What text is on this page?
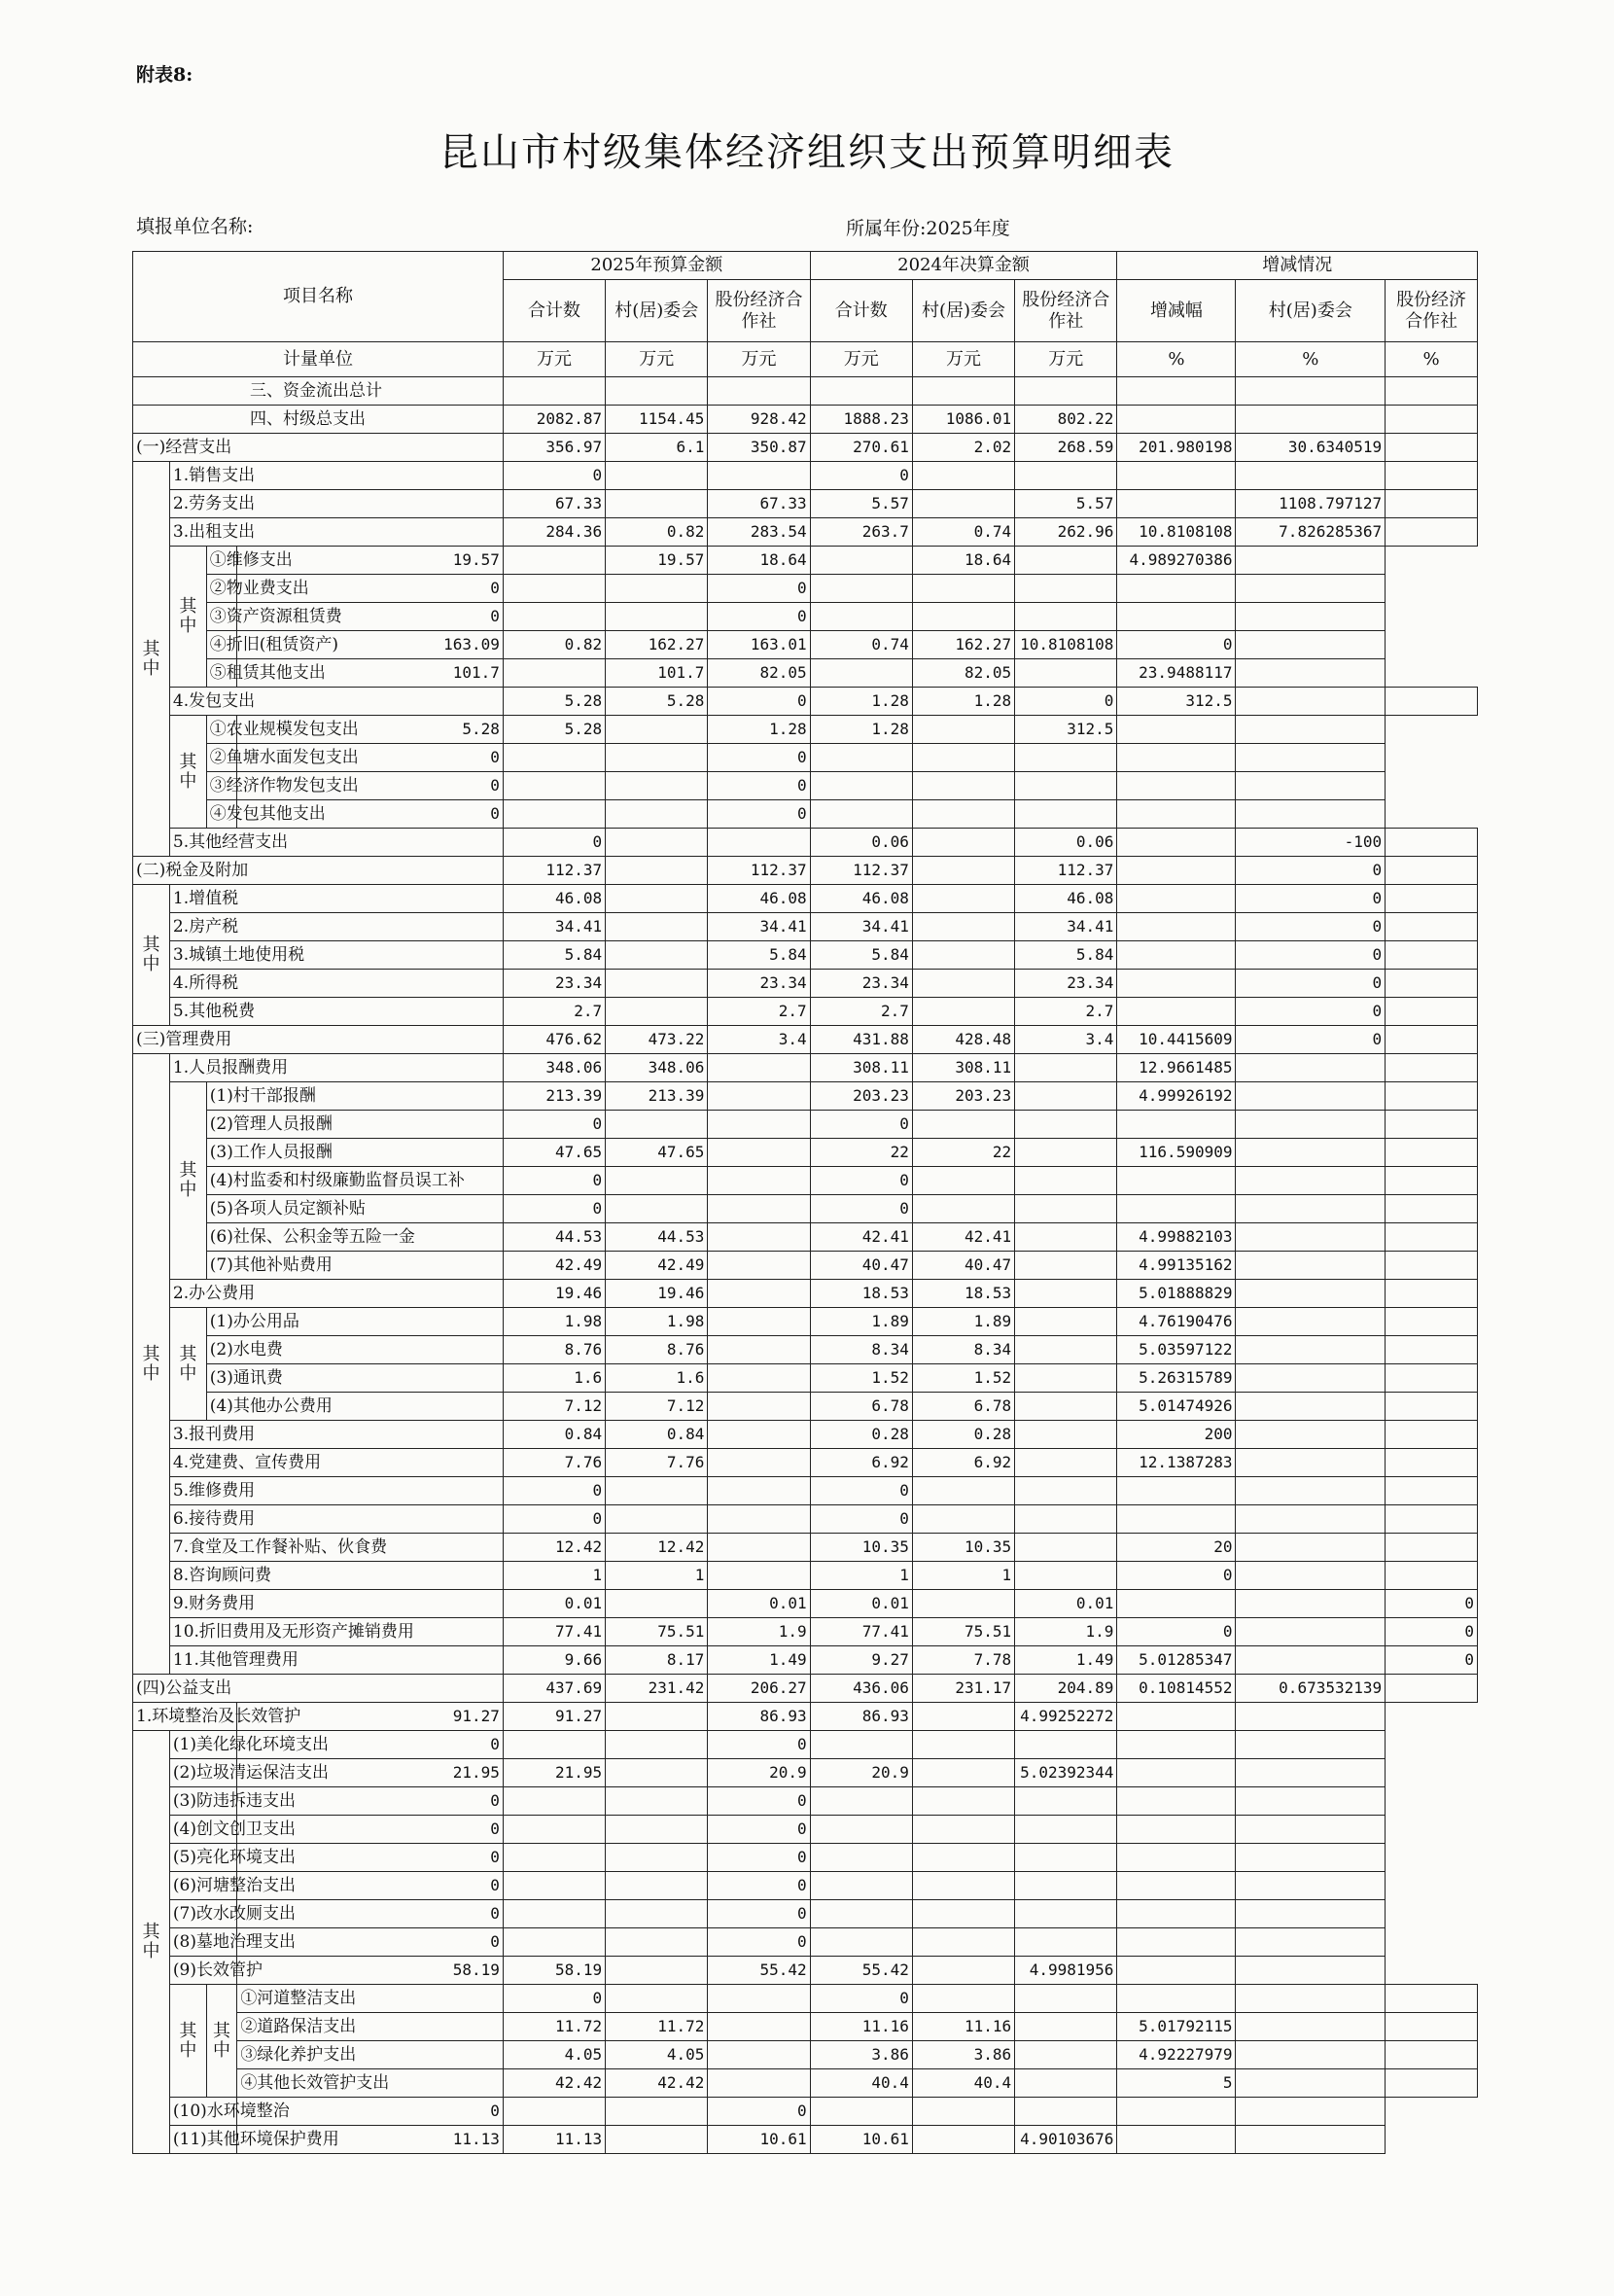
附表8:
昆山市村级集体经济组织支出预算明细表
填报单位名称:	所属年份:2025年度
项目名称				2025年预算金额			2024年决算金额			增减情况		
				合计数	村(居)委会	股份经济合作社	合计数	村(居)委会	股份经济合作社	增减幅	村(居)委会	股份经济合作社
计量单位				万元	万元	万元	万元	万元	万元	%	%	%
三、资金流出总计												
四、村级总支出				2082.87	1154.45	928.42	1888.23	1086.01	802.22			
(一)经营支出				356.97	6.1	350.87	270.61	2.02	268.59	201.980198	30.6340519	
其中	1.销售支出			0			0					
	2.劳务支出			67.33		67.33	5.57		5.57		1108.797127	
	3.出租支出			284.36	0.82	283.54	263.7	0.74	262.96	10.8108108	7.826285367	
	其中	①维修支出	19.57		19.57	18.64		18.64		4.989270386		
		②物业费支出	0			0						
		③资产资源租赁费	0			0						
		④折旧(租赁资产)	163.09	0.82	162.27	163.01	0.74	162.27	10.8108108	0		
		⑤租赁其他支出	101.7		101.7	82.05		82.05		23.9488117		
	4.发包支出			5.28	5.28	0	1.28	1.28	0	312.5		
	其中	①农业规模发包支出	5.28	5.28		1.28	1.28		312.5			
		②鱼塘水面发包支出	0			0						
		③经济作物发包支出	0			0						
		④发包其他支出	0			0						
	5.其他经营支出			0			0.06		0.06		-100	
(二)税金及附加				112.37		112.37	112.37		112.37		0	
其中	1.增值税			46.08		46.08	46.08		46.08		0	
	2.房产税			34.41		34.41	34.41		34.41		0	
	3.城镇土地使用税			5.84		5.84	5.84		5.84		0	
	4.所得税			23.34		23.34	23.34		23.34		0	
	5.其他税费			2.7		2.7	2.7		2.7		0	
(三)管理费用				476.62	473.22	3.4	431.88	428.48	3.4	10.4415609	0	
其中	1.人员报酬费用			348.06	348.06		308.11	308.11		12.9661485		
	其中	(1)村干部报酬		213.39	213.39		203.23	203.23		4.99926192		
		(2)管理人员报酬		0			0					
		(3)工作人员报酬		47.65	47.65		22	22		116.590909		
		(4)村监委和村级廉勤监督员误工补		0			0					
		(5)各项人员定额补贴		0			0					
		(6)社保、公积金等五险一金		44.53	44.53		42.41	42.41		4.99882103		
		(7)其他补贴费用		42.49	42.49		40.47	40.47		4.99135162		
	2.办公费用			19.46	19.46		18.53	18.53		5.01888829		
	其中	(1)办公用品		1.98	1.98		1.89	1.89		4.76190476		
		(2)水电费		8.76	8.76		8.34	8.34		5.03597122		
		(3)通讯费		1.6	1.6		1.52	1.52		5.26315789		
		(4)其他办公费用		7.12	7.12		6.78	6.78		5.01474926		
	3.报刊费用			0.84	0.84		0.28	0.28		200		
	4.党建费、宣传费用			7.76	7.76		6.92	6.92		12.1387283		
	5.维修费用			0			0					
	6.接待费用			0			0					
	7.食堂及工作餐补贴、伙食费			12.42	12.42		10.35	10.35		20		
	8.咨询顾问费			1	1		1	1		0		
	9.财务费用			0.01		0.01	0.01		0.01			0
	10.折旧费用及无形资产摊销费用			77.41	75.51	1.9	77.41	75.51	1.9	0		0
	11.其他管理费用			9.66	8.17	1.49	9.27	7.78	1.49	5.01285347		0
(四)公益支出				437.69	231.42	206.27	436.06	231.17	204.89	0.10814552	0.673532139	
1.环境整治及长效管护			91.27	91.27		86.93	86.93		4.99252272			
其中	(1)美化绿化环境支出		0			0						
	(2)垃圾清运保洁支出		21.95	21.95		20.9	20.9		5.02392344			
	(3)防违拆违支出		0			0						
	(4)创文创卫支出		0			0						
	(5)亮化环境支出		0			0						
	(6)河塘整治支出		0			0						
	(7)改水改厕支出		0			0						
	(8)墓地治理支出		0			0						
	(9)长效管护		58.19	58.19		55.42	55.42		4.9981956			
	其中	其中	①河道整洁支出	0			0					
			②道路保洁支出	11.72	11.72		11.16	11.16		5.01792115		
			③绿化养护支出	4.05	4.05		3.86	3.86		4.92227979		
			④其他长效管护支出	42.42	42.42		40.4	40.4		5		
	(10)水环境整治		0			0						
	(11)其他环境保护费用		11.13	11.13		10.61	10.61		4.90103676			
